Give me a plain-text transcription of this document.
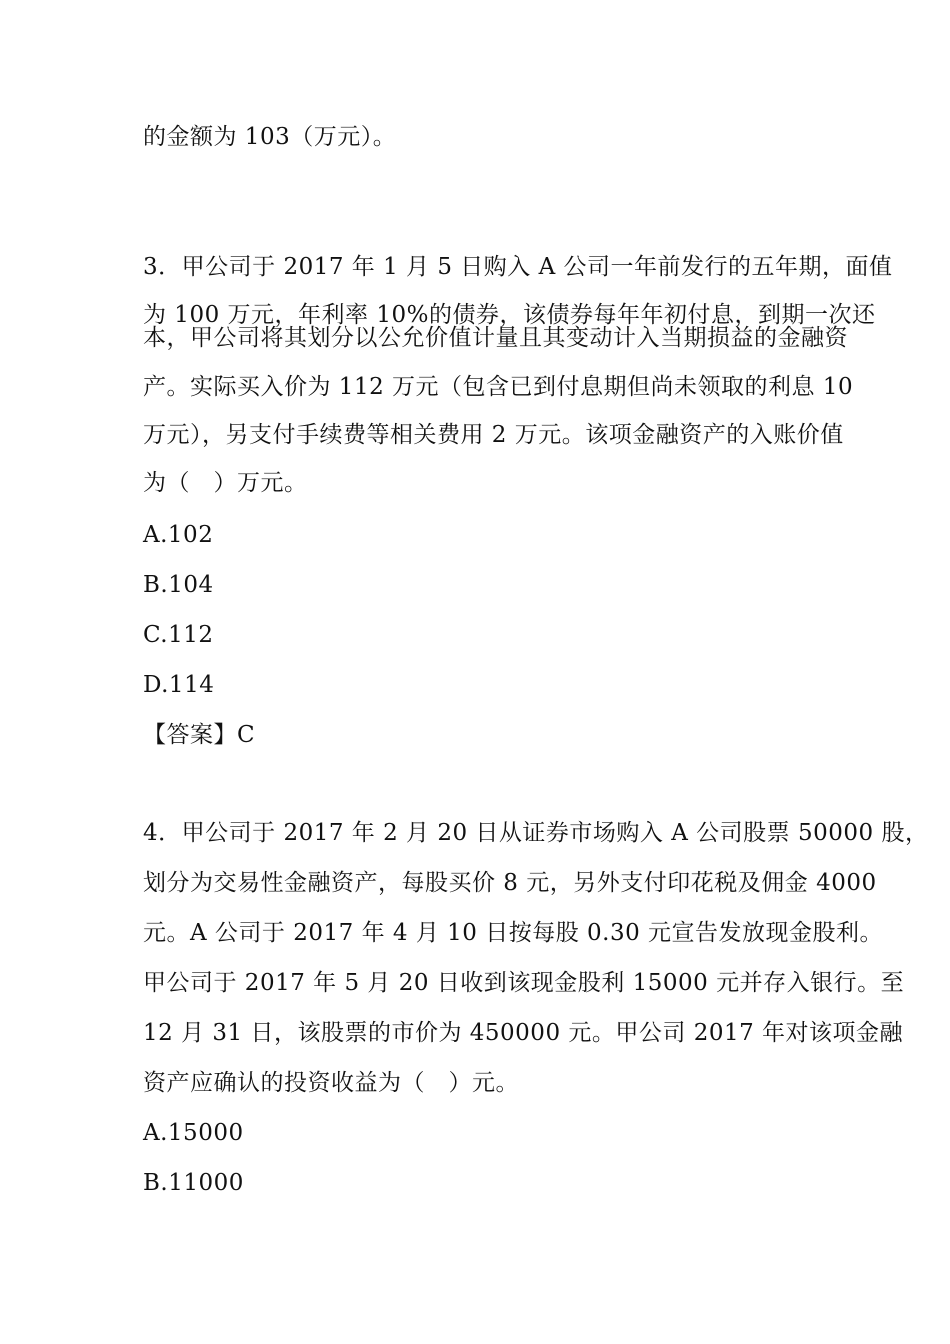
的金额为 103（万元）。
3．甲公司于 2017 年 1 月 5 日购入 A 公司一年前发行的五年期，面值
为 100 万元，年利率 10%的债券，该债券每年年初付息，到期一次还
本，甲公司将其划分以公允价值计量且其变动计入当期损益的金融资
产。实际买入价为 112 万元（包含已到付息期但尚未领取的利息 10
万元），另支付手续费等相关费用 2 万元。该项金融资产的入账价值
为（　）万元。
A.102
B.104
C.112
D.114
【答案】C
4．甲公司于 2017 年 2 月 20 日从证券市场购入 A 公司股票 50000 股，
划分为交易性金融资产，每股买价 8 元，另外支付印花税及佣金 4000
元。A 公司于 2017 年 4 月 10 日按每股 0.30 元宣告发放现金股利。
甲公司于 2017 年 5 月 20 日收到该现金股利 15000 元并存入银行。至
12 月 31 日，该股票的市价为 450000 元。甲公司 2017 年对该项金融
资产应确认的投资收益为（　）元。
A.15000
B.11000
